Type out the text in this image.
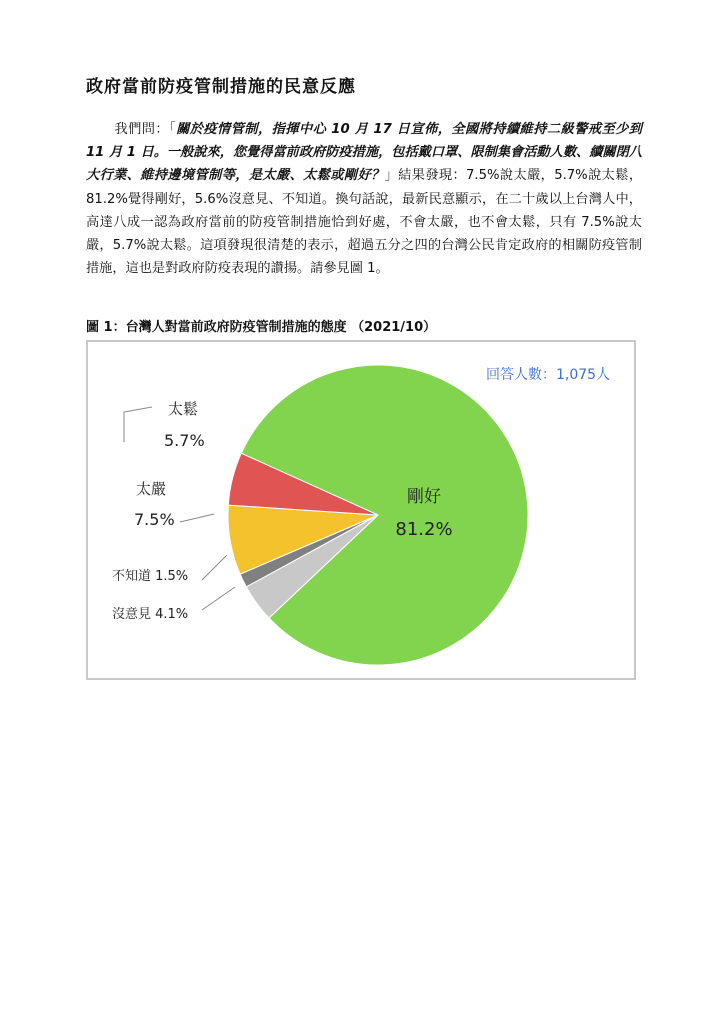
政府當前防疫管制措施的民意反應
我們問：「關於疫情管制，指揮中心 10 月 17 日宣佈，全國將持續維持二級警戒至少到 11 月 1 日。一般說來，您覺得當前政府防疫措施，包括戴口罩、限制集會活動人數、續關閉八大行業、維持邊境管制等，是太嚴、太鬆或剛好？」結果發現：7.5%說太嚴，5.7%說太鬆，81.2%覺得剛好，5.6%沒意見、不知道。換句話說，最新民意顯示，在二十歲以上台灣人中，高達八成一認為政府當前的防疫管制措施恰到好處，不會太嚴，也不會太鬆，只有 7.5%說太嚴，5.7%說太鬆。這項發現很清楚的表示，超過五分之四的台灣公民肯定政府的相關防疫管制措施，這也是對政府防疫表現的讚揚。請參見圖 1。
圖 1：台灣人對當前政府防疫管制措施的態度 （2021/10）
回答人數：1,075人
太鬆
5.7%
太嚴
7.5%
不知道 1.5%
沒意見 4.1%
剛好
81.2%
